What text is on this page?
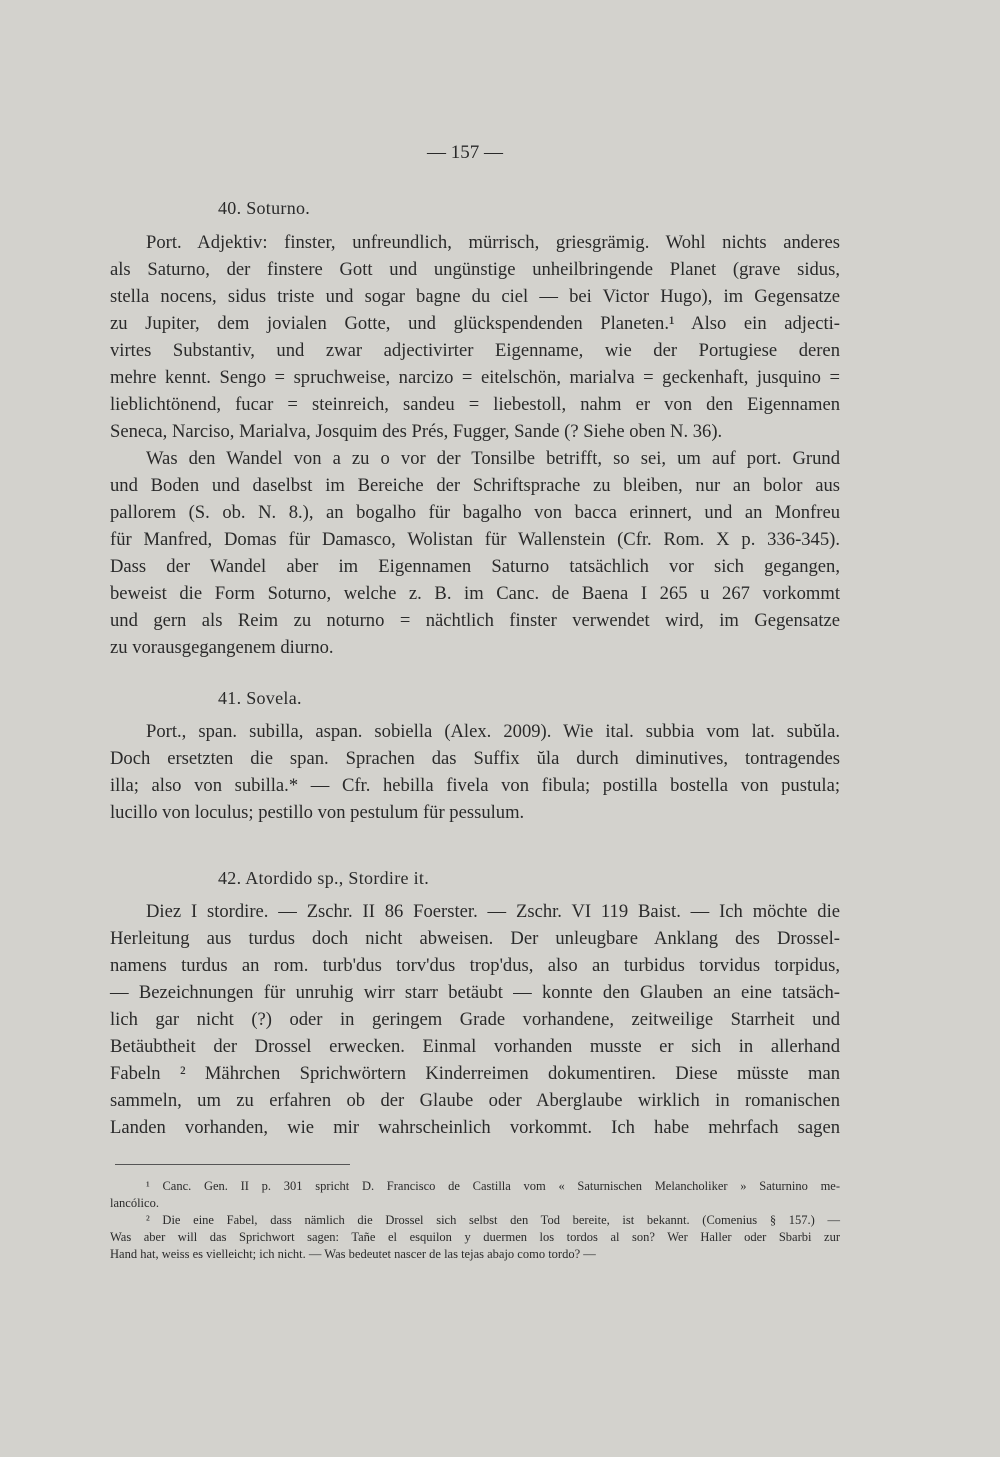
— 157 —
40. Soturno.
Port. Adjektiv: finster, unfreundlich, mürrisch, griesgrämig. Wohl nichts anderes
als Saturno, der finstere Gott und ungünstige unheilbringende Planet (grave sidus,
stella nocens, sidus triste und sogar bagne du ciel — bei Victor Hugo), im Gegensatze
zu Jupiter, dem jovialen Gotte, und glückspendenden Planeten.¹ Also ein adjecti-
virtes Substantiv, und zwar adjectivirter Eigenname, wie der Portugiese deren
mehre kennt. Sengo = spruchweise, narcizo = eitelschön, marialva = geckenhaft, jusquino =
lieblichtönend, fucar = steinreich, sandeu = liebestoll, nahm er von den Eigennamen
Seneca, Narciso, Marialva, Josquim des Prés, Fugger, Sande (? Siehe oben N. 36).
Was den Wandel von a zu o vor der Tonsilbe betrifft, so sei, um auf port. Grund
und Boden und daselbst im Bereiche der Schriftsprache zu bleiben, nur an bolor aus
pallorem (S. ob. N. 8.), an bogalho für bagalho von bacca erinnert, und an Monfreu
für Manfred, Domas für Damasco, Wolistan für Wallenstein (Cfr. Rom. X p. 336-345).
Dass der Wandel aber im Eigennamen Saturno tatsächlich vor sich gegangen,
beweist die Form Soturno, welche z. B. im Canc. de Baena I 265 u 267 vorkommt
und gern als Reim zu noturno = nächtlich finster verwendet wird, im Gegensatze
zu vorausgegangenem diurno.
41. Sovela.
Port., span. subilla, aspan. sobiella (Alex. 2009). Wie ital. subbia vom lat. subŭla.
Doch ersetzten die span. Sprachen das Suffix ŭla durch diminutives, tontragendes
illa; also von subilla.* — Cfr. hebilla fivela von fibula; postilla bostella von pustula;
lucillo von loculus; pestillo von pestulum für pessulum.
42. Atordido sp., Stordire it.
Diez I stordire. — Zschr. II 86 Foerster. — Zschr. VI 119 Baist. — Ich möchte die
Herleitung aus turdus doch nicht abweisen. Der unleugbare Anklang des Drossel-
namens turdus an rom. turb'dus torv'dus trop'dus, also an turbidus torvidus torpidus,
— Bezeichnungen für unruhig wirr starr betäubt — konnte den Glauben an eine tatsäch-
lich gar nicht (?) oder in geringem Grade vorhandene, zeitweilige Starrheit und
Betäubtheit der Drossel erwecken. Einmal vorhanden musste er sich in allerhand
Fabeln ² Mährchen Sprichwörtern Kinderreimen dokumentiren. Diese müsste man
sammeln, um zu erfahren ob der Glaube oder Aberglaube wirklich in romanischen
Landen vorhanden, wie mir wahrscheinlich vorkommt. Ich habe mehrfach sagen
¹ Canc. Gen. II p. 301 spricht D. Francisco de Castilla vom « Saturnischen Melancholiker » Saturnino me-
lancólico.
² Die eine Fabel, dass nämlich die Drossel sich selbst den Tod bereite, ist bekannt. (Comenius § 157.) —
Was aber will das Sprichwort sagen: Tañe el esquilon y duermen los tordos al son? Wer Haller oder Sbarbi zur
Hand hat, weiss es vielleicht; ich nicht. — Was bedeutet nascer de las tejas abajo como tordo? —
